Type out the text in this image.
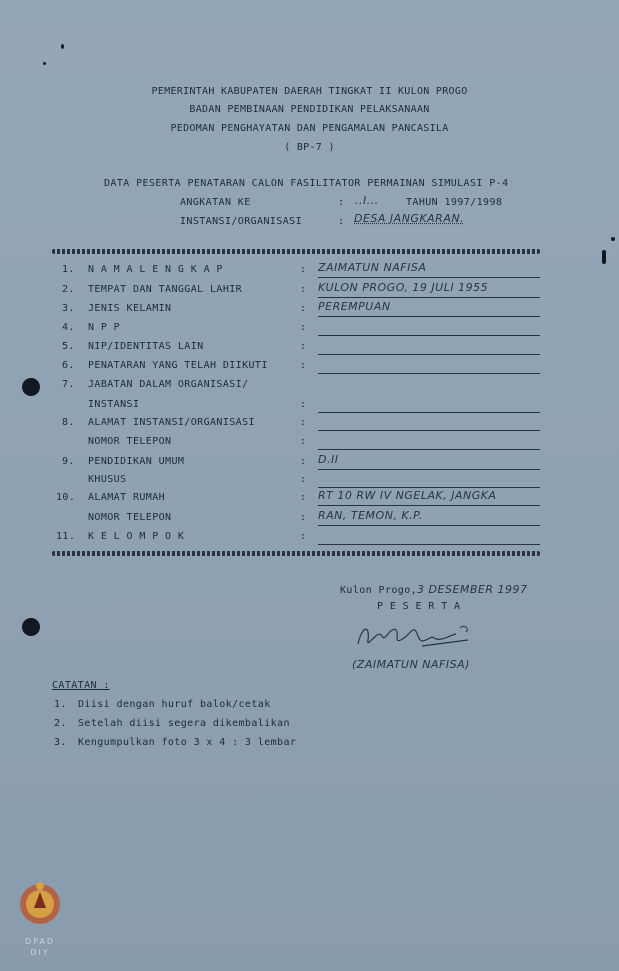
PEMERINTAH KABUPATEN DAERAH TINGKAT II KULON PROGO
BADAN PEMBINAAN PENDIDIKAN PELAKSANAAN
PEDOMAN PENGHAYATAN DAN PENGAMALAN PANCASILA
( BP-7 )
DATA PESERTA PENATARAN CALON FASILITATOR PERMAINAN SIMULASI P-4
ANGKATAN KE	: ..I...	TAHUN 1997/1998
INSTANSI/ORGANISASI	: DESA JANGKARAN.
1. N A M A L E N G K A P	: ZAIMATUN NAFISA
2. TEMPAT DAN TANGGAL LAHIR	: KULON PROGO, 19 JULI 1955
3. JENIS KELAMIN	: PEREMPUAN
4. N P P	:
5. NIP/IDENTITAS LAIN	:
6. PENATARAN YANG TELAH DIIKUTI	:
7. JABATAN DALAM ORGANISASI/
INSTANSI	:
8. ALAMAT INSTANSI/ORGANISASI	:
NOMOR TELEPON	:
9. PENDIDIKAN UMUM	: D.II
KHUSUS	:
10. ALAMAT RUMAH	: RT 10 RW IV NGELAK, JANGKA
NOMOR TELEPON	: RAN, TEMON, K.P.
11. K E L O M P O K	:
Kulon Progo,3 DESEMBER 1997
P E S E R T A
(ZAIMATUN NAFISA)
CATATAN :
1. Diisi dengan huruf balok/cetak
2. Setelah diisi segera dikembalikan
3. Kengumpulkan foto 3 x 4 : 3 lembar
DPAD
DIY
